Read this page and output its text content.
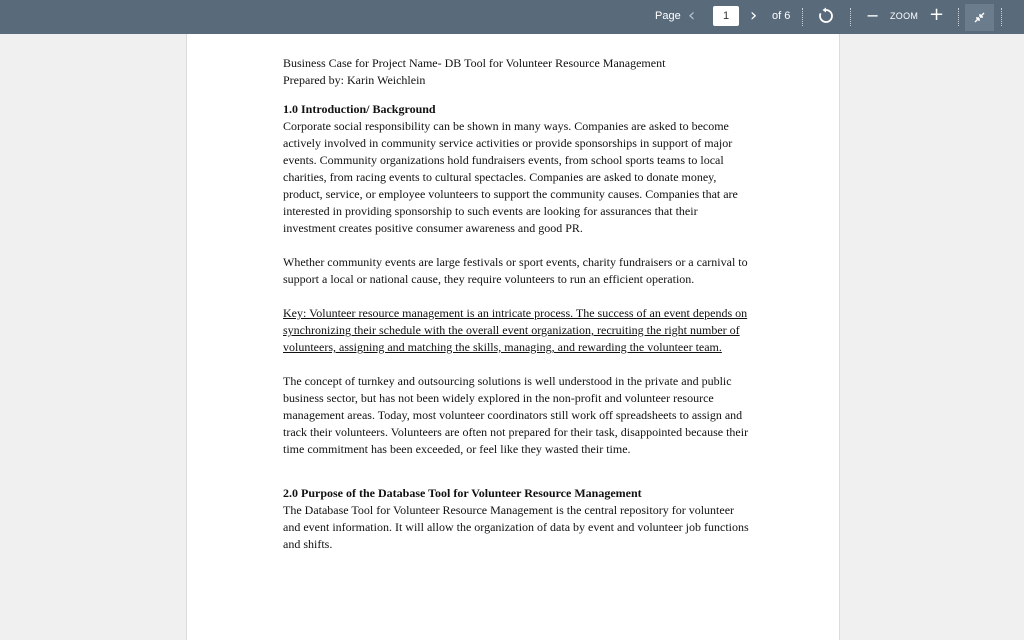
Page ‹	1	› of 6	− ZOOM +

Business Case for Project Name- DB Tool for Volunteer Resource Management

Prepared by: Karin Weichlein

1.0 Introduction/ Background

Corporate social responsibility can be shown in many ways. Companies are asked to become actively involved in community service activities or provide sponsorships in support of major events. Community organizations hold fundraisers events, from school sports teams to local charities, from racing events to cultural spectacles. Companies are asked to donate money, product, service, or employee volunteers to support the community causes. Companies that are interested in providing sponsorship to such events are looking for assurances that their investment creates positive consumer awareness and good PR.

Whether community events are large festivals or sport events, charity fundraisers or a carnival to support a local or national cause, they require volunteers to run an efficient operation.

Key: Volunteer resource management is an intricate process. The success of an event depends on synchronizing their schedule with the overall event organization, recruiting the right number of volunteers, assigning and matching the skills, managing, and rewarding the volunteer team.

The concept of turnkey and outsourcing solutions is well understood in the private and public business sector, but has not been widely explored in the non-profit and volunteer resource management areas. Today, most volunteer coordinators still work off spreadsheets to assign and track their volunteers. Volunteers are often not prepared for their task, disappointed because their time commitment has been exceeded, or feel like they wasted their time.

2.0 Purpose of the Database Tool for Volunteer Resource Management

The Database Tool for Volunteer Resource Management is the central repository for volunteer and event information. It will allow the organization of data by event and volunteer job functions and shifts.
